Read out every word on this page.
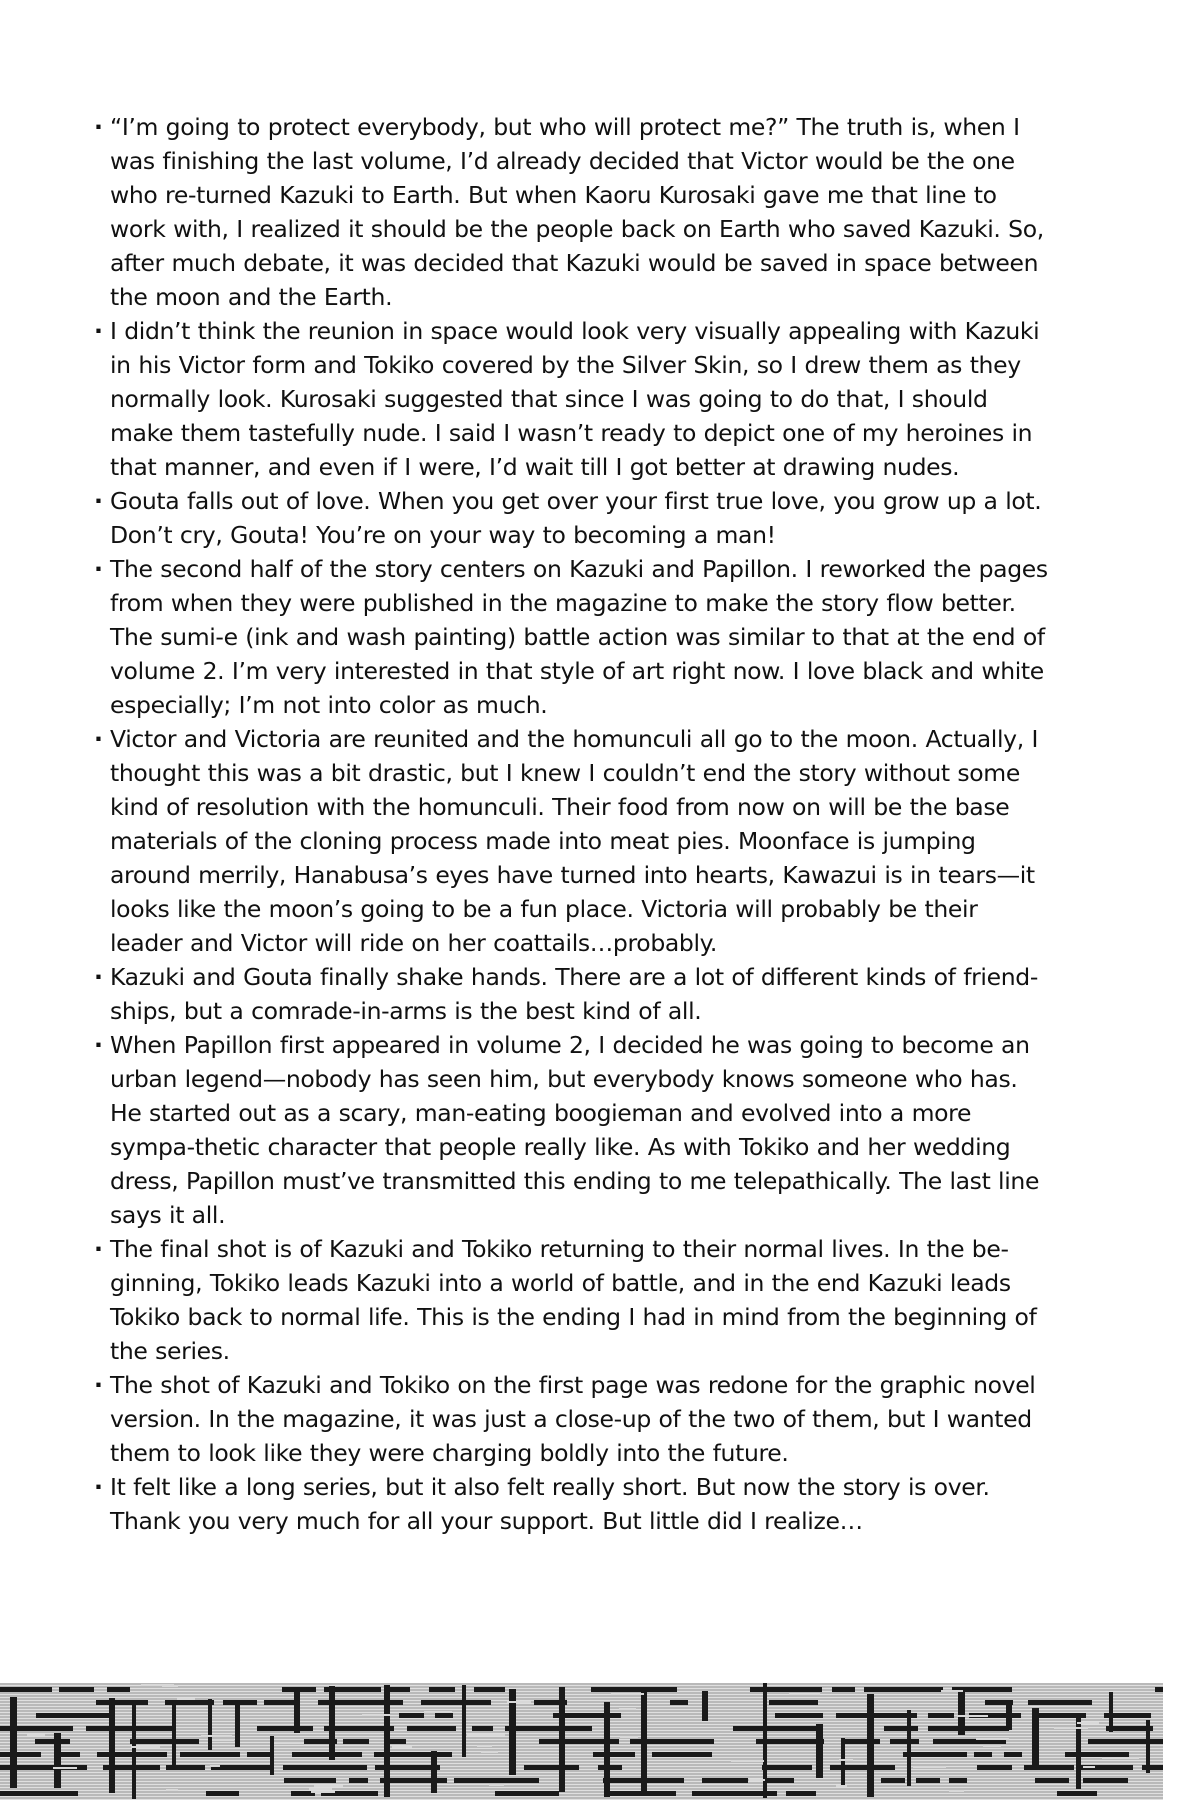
· “I’m going to protect everybody, but who will protect me?” The truth is, when I was finishing the last volume, I’d already decided that Victor would be the one who re-turned Kazuki to Earth. But when Kaoru Kurosaki gave me that line to work with, I realized it should be the people back on Earth who saved Kazuki. So, after much debate, it was decided that Kazuki would be saved in space between the moon and the Earth.
· I didn’t think the reunion in space would look very visually appealing with Kazuki in his Victor form and Tokiko covered by the Silver Skin, so I drew them as they normally look. Kurosaki suggested that since I was going to do that, I should make them tastefully nude. I said I wasn’t ready to depict one of my heroines in that manner, and even if I were, I’d wait till I got better at drawing nudes.
· Gouta falls out of love. When you get over your first true love, you grow up a lot. Don’t cry, Gouta! You’re on your way to becoming a man!
· The second half of the story centers on Kazuki and Papillon. I reworked the pages from when they were published in the magazine to make the story flow better. The sumi-e (ink and wash painting) battle action was similar to that at the end of volume 2. I’m very interested in that style of art right now. I love black and white especially; I’m not into color as much.
· Victor and Victoria are reunited and the homunculi all go to the moon. Actually, I thought this was a bit drastic, but I knew I couldn’t end the story without some kind of resolution with the homunculi. Their food from now on will be the base materials of the cloning process made into meat pies. Moonface is jumping around merrily, Hanabusa’s eyes have turned into hearts, Kawazui is in tears—it looks like the moon’s going to be a fun place. Victoria will probably be their leader and Victor will ride on her coattails…probably.
· Kazuki and Gouta finally shake hands. There are a lot of different kinds of friend-ships, but a comrade-in-arms is the best kind of all.
· When Papillon first appeared in volume 2, I decided he was going to become an urban legend—nobody has seen him, but everybody knows someone who has. He started out as a scary, man-eating boogieman and evolved into a more sympa-thetic character that people really like. As with Tokiko and her wedding dress, Papillon must’ve transmitted this ending to me telepathically. The last line says it all.
· The final shot is of Kazuki and Tokiko returning to their normal lives. In the be-ginning, Tokiko leads Kazuki into a world of battle, and in the end Kazuki leads Tokiko back to normal life. This is the ending I had in mind from the beginning of the series.
· The shot of Kazuki and Tokiko on the first page was redone for the graphic novel version. In the magazine, it was just a close-up of the two of them, but I wanted them to look like they were charging boldly into the future.
· It felt like a long series, but it also felt really short. But now the story is over. Thank you very much for all your support. But little did I realize…
